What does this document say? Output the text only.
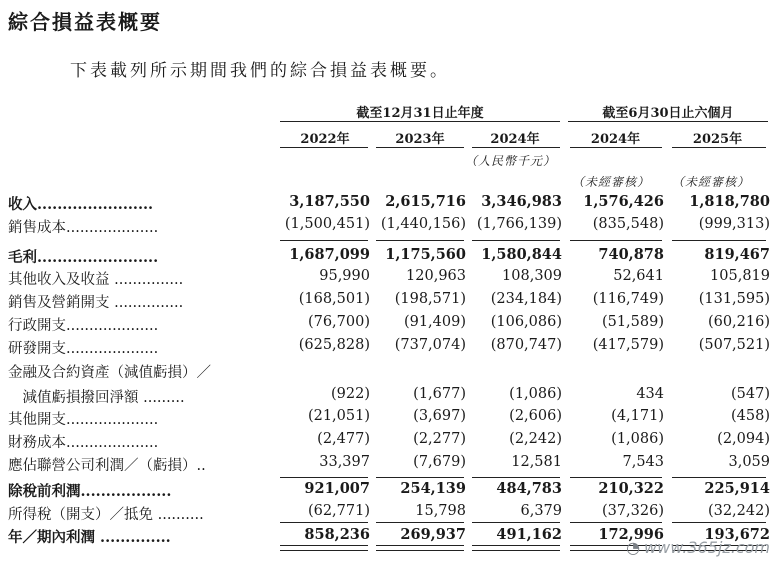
綜合損益表概要
下表載列所示期間我們的綜合損益表概要。
截至12月31日止年度	截至6月30日止六個月
2022年	2023年	2024年	2024年	2025年
（人民幣千元）
（未經審核） （未經審核）
收入.......................	3,187,550	2,615,716	3,346,983	1,576,426	1,818,780
銷售成本....................	(1,500,451) (1,440,156) (1,766,139)	(835,548)	(999,313)
毛利........................	1,687,099	1,175,560	1,580,844	740,878	819,467
其他收入及收益 ...............	95,990	120,963	108,309	52,641	105,819
銷售及營銷開支 ...............	(168,501)	(198,571)	(234,184)	(116,749)	(131,595)
行政開支....................	(76,700)	(91,409)	(106,086)	(51,589)	(60,216)
研發開支....................	(625,828)	(737,074)	(870,747)	(417,579)	(507,521)
金融及合約資產（減值虧損）／
　減值虧損撥回淨額 .........	(922)	(1,677)	(1,086)	434	(547)
其他開支....................	(21,051)	(3,697)	(2,606)	(4,171)	(458)
財務成本....................	(2,477)	(2,277)	(2,242)	(1,086)	(2,094)
應佔聯營公司利潤／（虧損）..	33,397	(7,679)	12,581	7,543	3,059
除稅前利潤..................	921,007	254,139	484,783	210,322	225,914
所得稅（開支）／抵免 ..........	(62,771)	15,798	6,379	(37,326)	(32,242)
年／期內利潤 ..............	858,236	269,937	491,162	172,996	193,672
◔ www.365jz.com
